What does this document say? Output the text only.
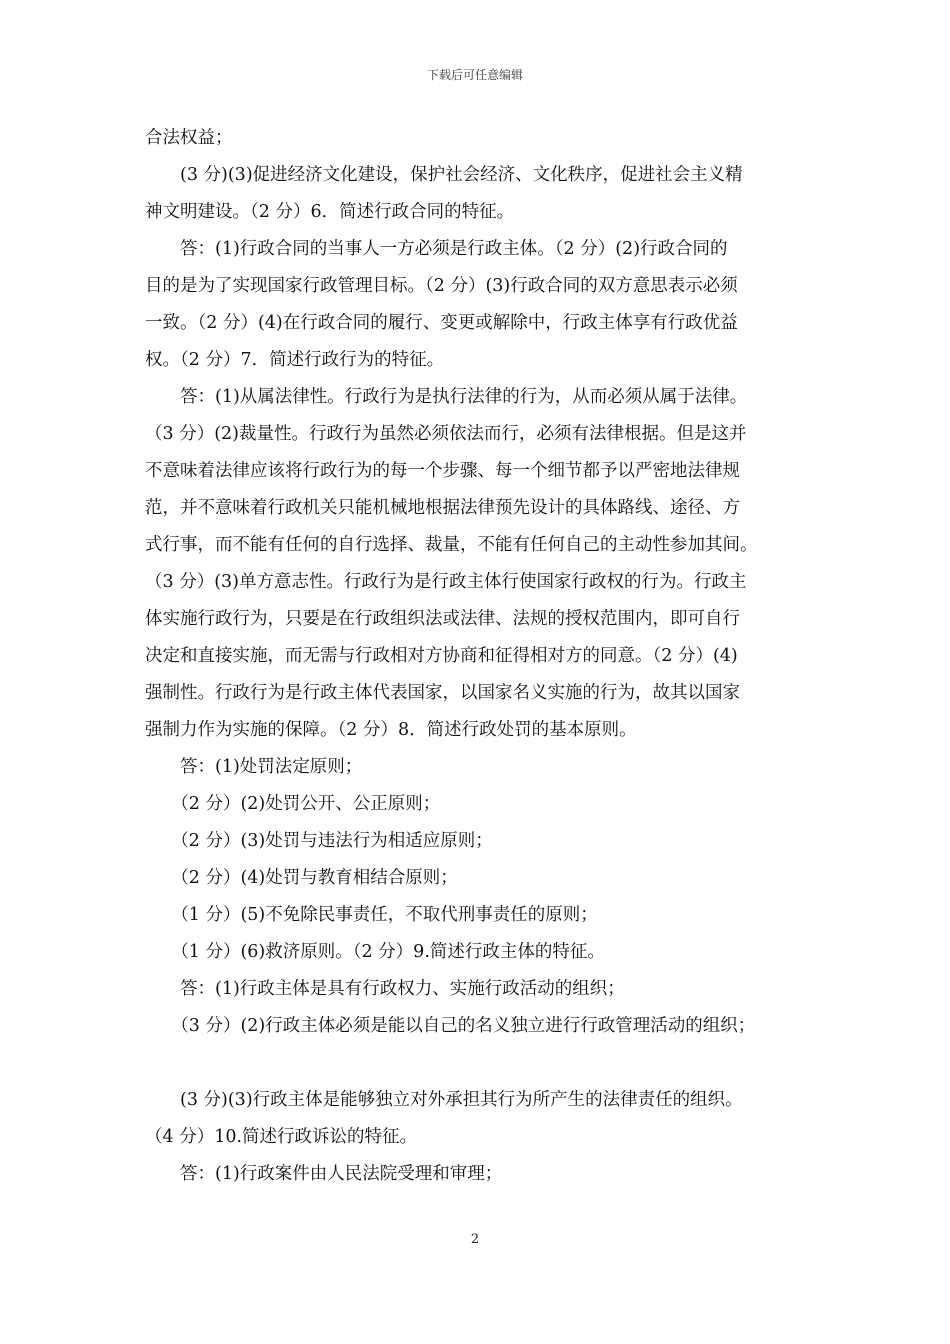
下载后可任意编辑
合法权益；
　　(3 分)(3)促进经济文化建设，保护社会经济、文化秩序，促进社会主义精
神文明建设。（2 分）6．简述行政合同的特征。
　　答：(1)行政合同的当事人一方必须是行政主体。（2 分）(2)行政合同的
目的是为了实现国家行政管理目标。（2 分）(3)行政合同的双方意思表示必须
一致。（2 分）(4)在行政合同的履行、变更或解除中，行政主体享有行政优益
权。（2 分）7．简述行政行为的特征。
　　答：(1)从属法律性。行政行为是执行法律的行为，从而必须从属于法律。
（3 分）(2)裁量性。行政行为虽然必须依法而行，必须有法律根据。但是这并
不意味着法律应该将行政行为的每一个步骤、每一个细节都予以严密地法律规
范，并不意味着行政机关只能机械地根据法律预先设计的具体路线、途径、方
式行事，而不能有任何的自行选择、裁量，不能有任何自己的主动性参加其间。
（3 分）(3)单方意志性。行政行为是行政主体行使国家行政权的行为。行政主
体实施行政行为，只要是在行政组织法或法律、法规的授权范围内，即可自行
决定和直接实施，而无需与行政相对方协商和征得相对方的同意。（2 分）(4)
强制性。行政行为是行政主体代表国家，以国家名义实施的行为，故其以国家
强制力作为实施的保障。（2 分）8．简述行政处罚的基本原则。
　　答：(1)处罚法定原则；
　　（2 分）(2)处罚公开、公正原则；
　　（2 分）(3)处罚与违法行为相适应原则；
　　（2 分）(4)处罚与教育相结合原则；
　　（1 分）(5)不免除民事责任，不取代刑事责任的原则；
　　（1 分）(6)救济原则。（2 分）9.简述行政主体的特征。
　　答：(1)行政主体是具有行政权力、实施行政活动的组织；
　　（3 分）(2)行政主体必须是能以自己的名义独立进行行政管理活动的组织；
　　(3 分)(3)行政主体是能够独立对外承担其行为所产生的法律责任的组织。
（4 分）10.简述行政诉讼的特征。
　　答：(1)行政案件由人民法院受理和审理；
2
